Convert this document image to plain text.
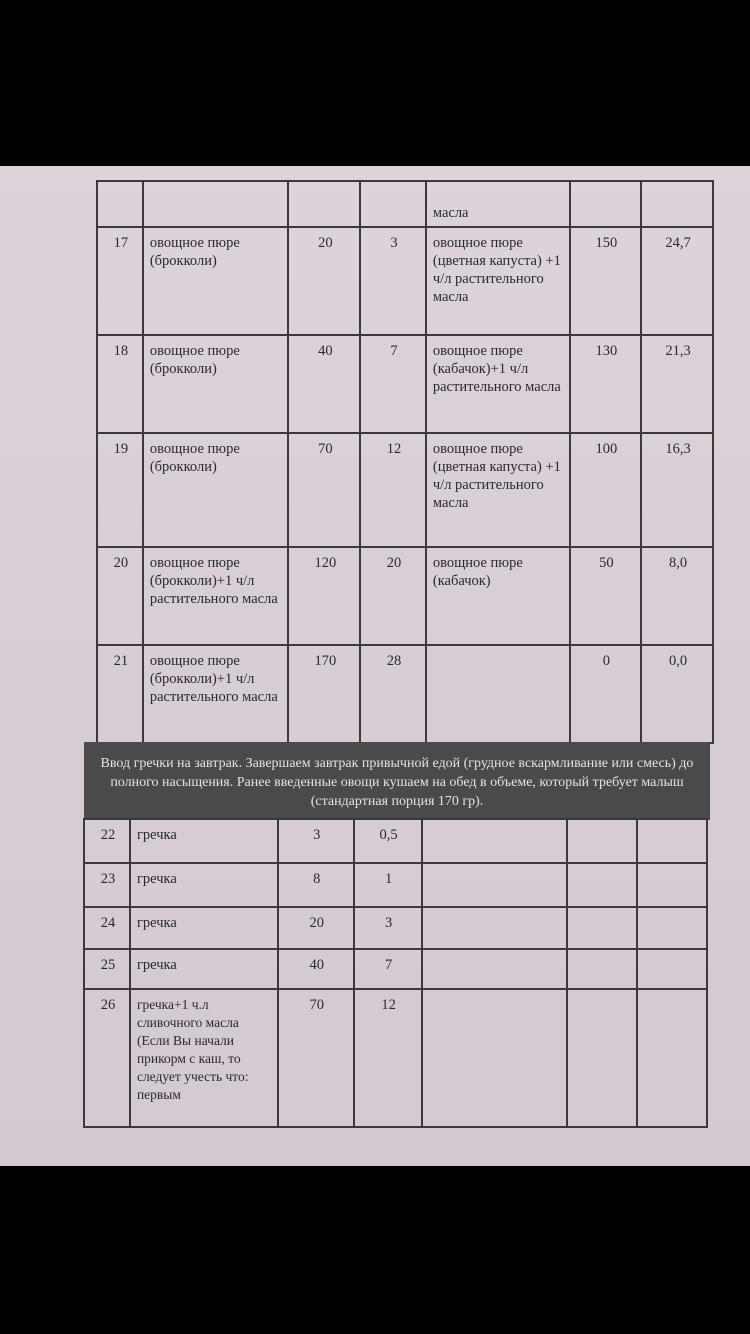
				масла		
17	овощное пюре (брокколи)	20	3	овощное пюре (цветная капуста) +1 ч/л растительного масла	150	24,7
18	овощное пюре (брокколи)	40	7	овощное пюре (кабачок)+1 ч/л растительного масла	130	21,3
19	овощное пюре (брокколи)	70	12	овощное пюре (цветная капуста) +1 ч/л растительного масла	100	16,3
20	овощное пюре (брокколи)+1 ч/л растительного масла	120	20	овощное пюре (кабачок)	50	8,0
21	овощное пюре (брокколи)+1 ч/л растительного масла	170	28		0	0,0
Ввод гречки на завтрак. Завершаем завтрак привычной едой (грудное вскармливание или смесь) до полного насыщения. Ранее введенные овощи кушаем на обед в объеме, который требует малыш (стандартная порция 170 гр).
22	гречка	3	0,5			
23	гречка	8	1			
24	гречка	20	3			
25	гречка	40	7			
26	гречка+1 ч.л сливочного масла (Если Вы начали прикорм с каш, то следует учесть что: первым	70	12			
